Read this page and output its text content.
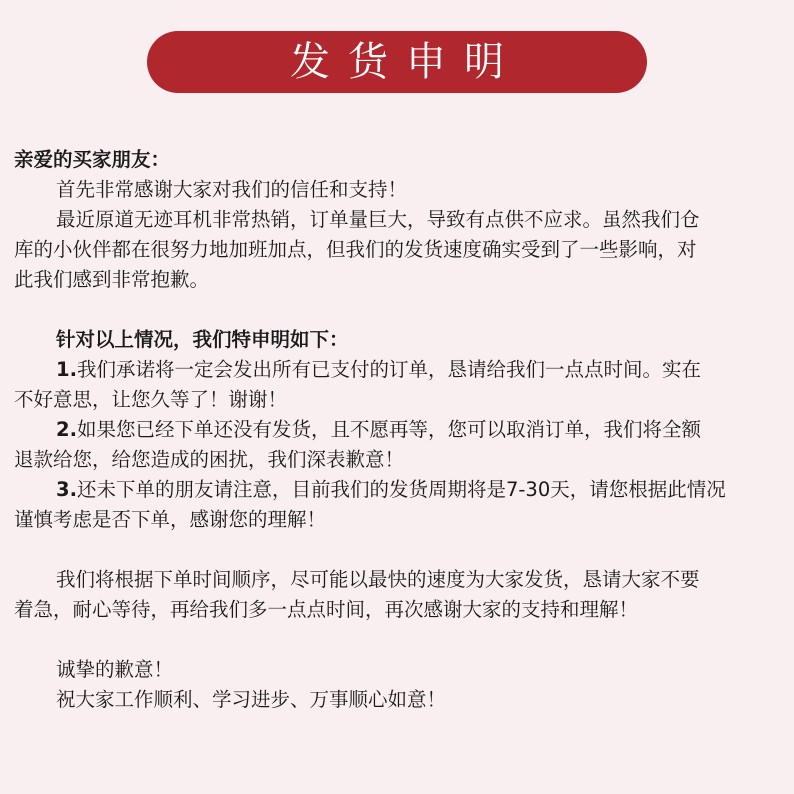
发货申明
亲爱的买家朋友：
首先非常感谢大家对我们的信任和支持！
最近原道无迹耳机非常热销，订单量巨大，导致有点供不应求。虽然我们仓
库的小伙伴都在很努力地加班加点，但我们的发货速度确实受到了一些影响，对
此我们感到非常抱歉。
针对以上情况，我们特申明如下：
1.我们承诺将一定会发出所有已支付的订单，恳请给我们一点点时间。实在
不好意思，让您久等了！谢谢！
2.如果您已经下单还没有发货，且不愿再等，您可以取消订单，我们将全额
退款给您，给您造成的困扰，我们深表歉意！
3.还未下单的朋友请注意，目前我们的发货周期将是7-30天，请您根据此情况
谨慎考虑是否下单，感谢您的理解！
我们将根据下单时间顺序，尽可能以最快的速度为大家发货，恳请大家不要
着急，耐心等待，再给我们多一点点时间，再次感谢大家的支持和理解！
诚挚的歉意！
祝大家工作顺利、学习进步、万事顺心如意！
